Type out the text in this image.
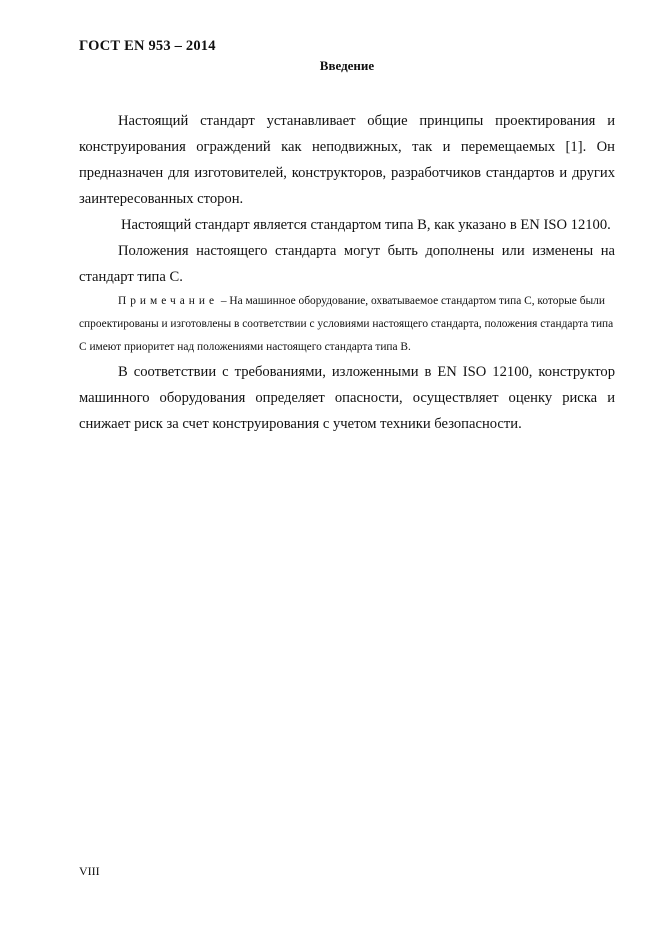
ГОСТ EN 953 – 2014
Введение

Настоящий стандарт устанавливает общие принципы проектирования и конструирования ограждений как неподвижных, так и перемещаемых [1]. Он предназначен для изготовителей, конструкторов, разработчиков стандартов и других заинтересованных сторон.

Настоящий стандарт является стандартом типа В, как указано в EN ISO 12100.

Положения настоящего стандарта могут быть дополнены или изменены на стандарт типа С.

Примечание – На машинное оборудование, охватываемое стандартом типа С, которые были спроектированы и изготовлены в соответствии с условиями настоящего стандарта, положения стандарта типа С имеют приоритет над положениями настоящего стандарта типа В.

В соответствии с требованиями, изложенными в EN ISO 12100, конструктор машинного оборудования определяет опасности, осуществляет оценку риска и снижает риск за счет конструирования с учетом техники безопасности.

VIII
